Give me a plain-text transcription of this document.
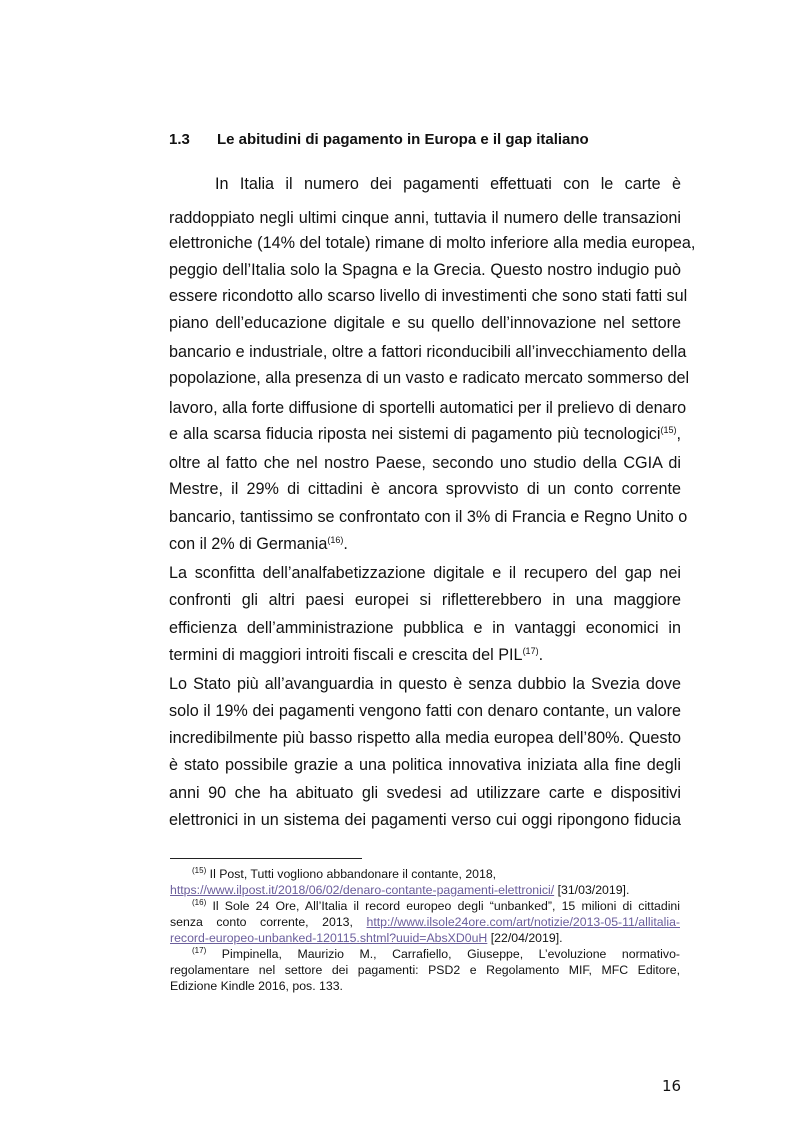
1.3 Le abitudini di pagamento in Europa e il gap italiano
In Italia il numero dei pagamenti effettuati con le carte è
raddoppiato negli ultimi cinque anni, tuttavia il numero delle transazioni
elettroniche (14% del totale) rimane di molto inferiore alla media europea,
peggio dell’Italia solo la Spagna e la Grecia. Questo nostro indugio può
essere ricondotto allo scarso livello di investimenti che sono stati fatti sul
piano dell’educazione digitale e su quello dell’innovazione nel settore
bancario e industriale, oltre a fattori riconducibili all’invecchiamento della
popolazione, alla presenza di un vasto e radicato mercato sommerso del
lavoro, alla forte diffusione di sportelli automatici per il prelievo di denaro
e alla scarsa fiducia riposta nei sistemi di pagamento più tecnologici$^{(15)}$,
oltre al fatto che nel nostro Paese, secondo uno studio della CGIA di
Mestre, il 29% di cittadini è ancora sprovvisto di un conto corrente
bancario, tantissimo se confrontato con il 3% di Francia e Regno Unito o
con il 2% di Germania$^{(16)}$.
La sconfitta dell’analfabetizzazione digitale e il recupero del gap nei
confronti gli altri paesi europei si rifletterebbero in una maggiore
efficienza dell’amministrazione pubblica e in vantaggi economici in
termini di maggiori introiti fiscali e crescita del PIL$^{(17)}$.
Lo Stato più all’avanguardia in questo è senza dubbio la Svezia dove
solo il 19% dei pagamenti vengono fatti con denaro contante, un valore
incredibilmente più basso rispetto alla media europea dell’80%. Questo
è stato possibile grazie a una politica innovativa iniziata alla fine degli
anni 90 che ha abituato gli svedesi ad utilizzare carte e dispositivi
elettronici in un sistema dei pagamenti verso cui oggi ripongono fiducia
$^{(15)}$ Il Post, Tutti vogliono abbandonare il contante, 2018,
https://www.ilpost.it/2018/06/02/denaro-contante-pagamenti-elettronici/ [31/03/2019].
$^{(16)}$ Il Sole 24 Ore, All’Italia il record europeo degli “unbanked”, 15 milioni di cittadini
senza conto corrente, 2013, http://www.ilsole24ore.com/art/notizie/2013-05-11/allitalia-
record-europeo-unbanked-120115.shtml?uuid=AbsXD0uH [22/04/2019].
$^{(17)}$ Pimpinella, Maurizio M., Carrafiello, Giuseppe, L’evoluzione normativo-
regolamentare nel settore dei pagamenti: PSD2 e Regolamento MIF, MFC Editore,
Edizione Kindle 2016, pos. 133.
16
